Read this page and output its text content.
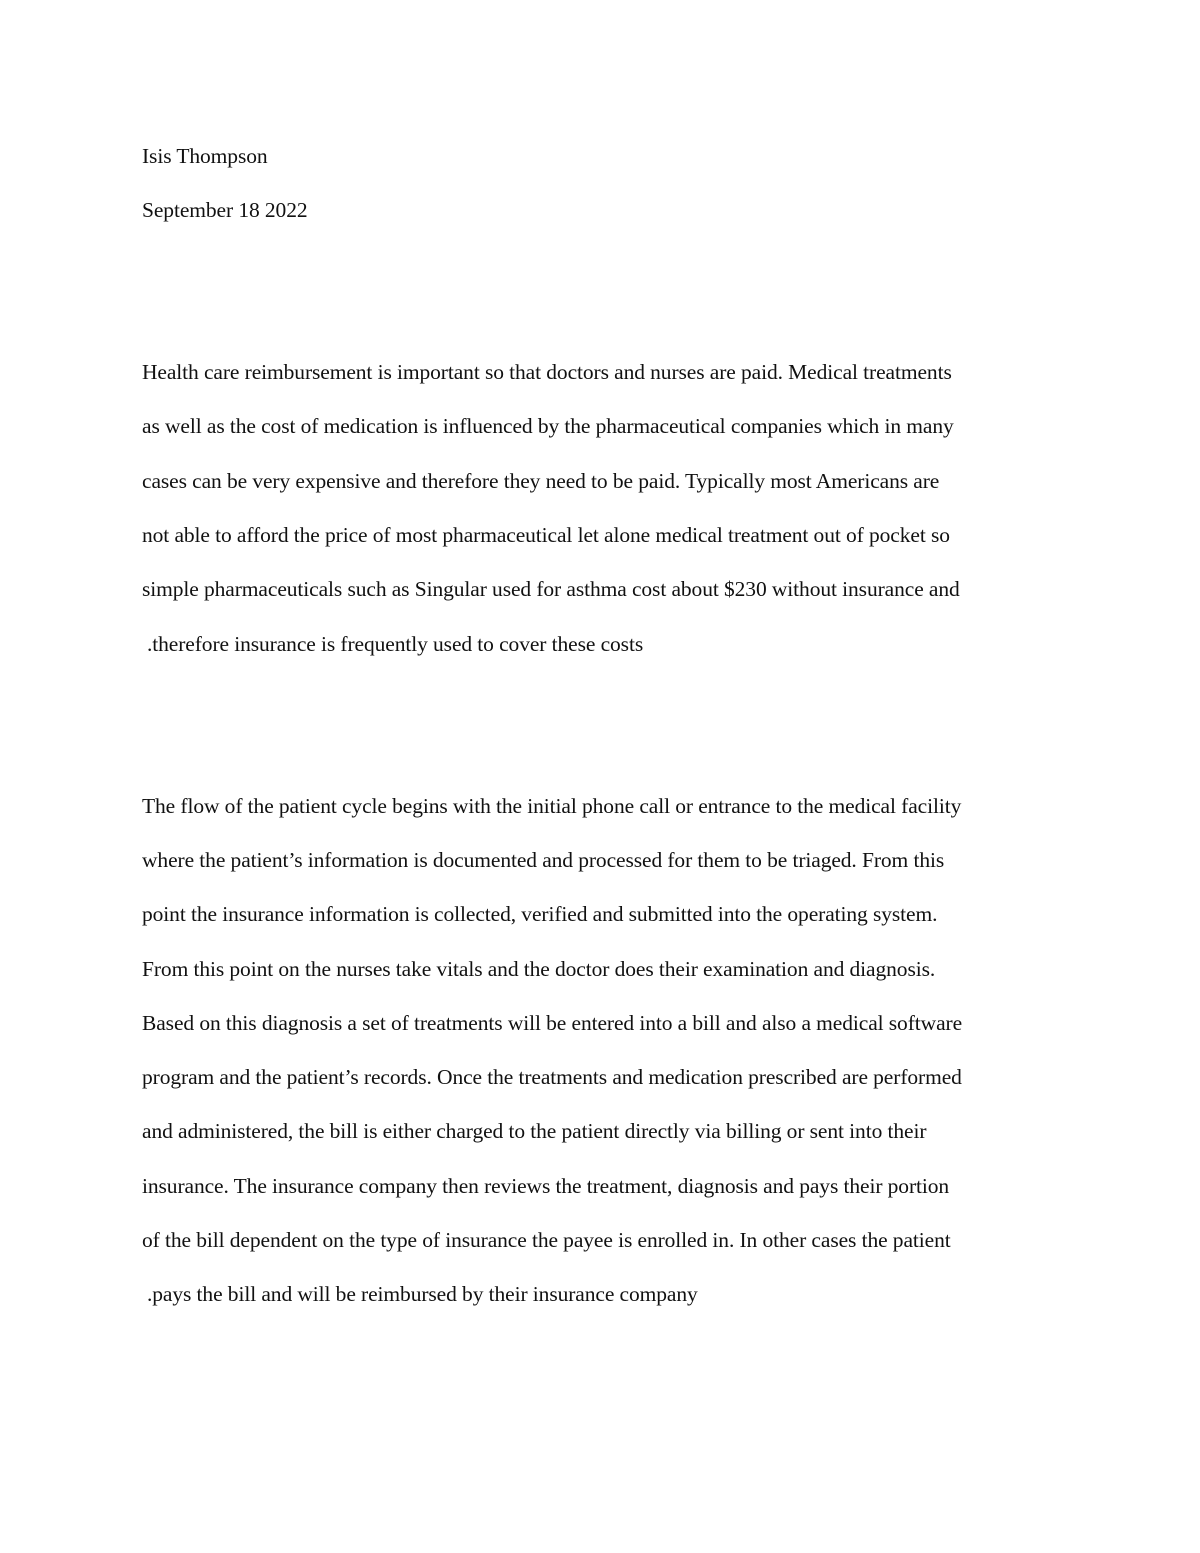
Isis Thompson
September 18 2022
Health care reimbursement is important so that doctors and nurses are paid. Medical treatments
as well as the cost of medication is influenced by the pharmaceutical companies which in many
cases can be very expensive and therefore they need to be paid. Typically most Americans are
not able to afford the price of most pharmaceutical let alone medical treatment out of pocket so
simple pharmaceuticals such as Singular used for asthma cost about $230 without insurance and
.therefore insurance is frequently used to cover these costs
The flow of the patient cycle begins with the initial phone call or entrance to the medical facility
where the patient’s information is documented and processed for them to be triaged. From this
point the insurance information is collected, verified and submitted into the operating system.
From this point on the nurses take vitals and the doctor does their examination and diagnosis.
Based on this diagnosis a set of treatments will be entered into a bill and also a medical software
program and the patient’s records. Once the treatments and medication prescribed are performed
and administered, the bill is either charged to the patient directly via billing or sent into their
insurance. The insurance company then reviews the treatment, diagnosis and pays their portion
of the bill dependent on the type of insurance the payee is enrolled in. In other cases the patient
.pays the bill and will be reimbursed by their insurance company
